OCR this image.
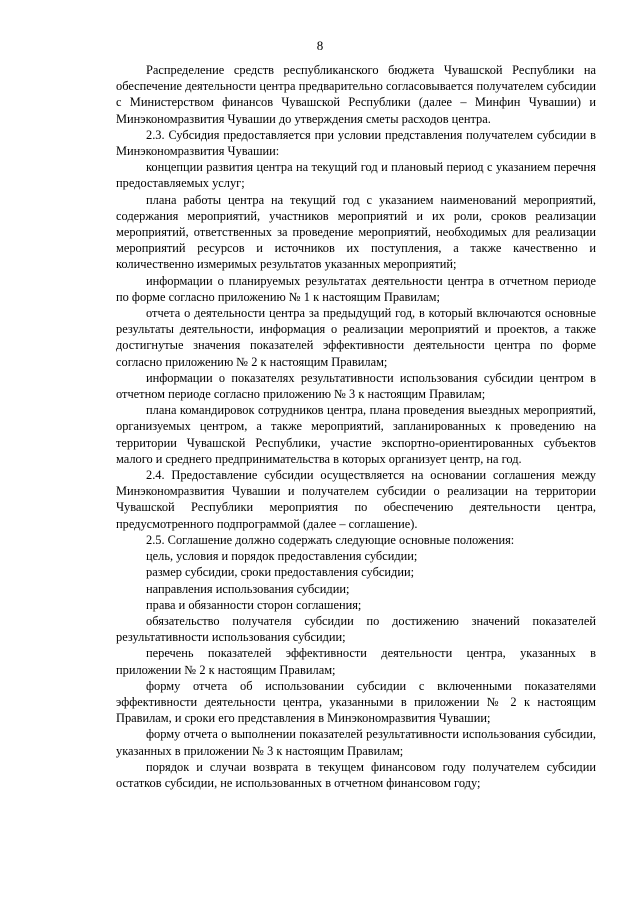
8

Распределение средств республиканского бюджета Чувашской Республики на обеспечение деятельности центра предварительно согласовывается получателем субсидии с Министерством финансов Чувашской Республики (далее – Минфин Чувашии) и Минэкономразвития Чувашии до утверждения сметы расходов центра.

2.3. Субсидия предоставляется при условии представления получателем субсидии в Минэкономразвития Чувашии:

концепции развития центра на текущий год и плановый период с указанием перечня предоставляемых услуг;

плана работы центра на текущий год с указанием наименований мероприятий, содержания мероприятий, участников мероприятий и их роли, сроков реализации мероприятий, ответственных за проведение мероприятий, необходимых для реализации мероприятий ресурсов и источников их поступления, а также качественно и количественно измеримых результатов указанных мероприятий;

информации о планируемых результатах деятельности центра в отчетном периоде по форме согласно приложению № 1 к настоящим Правилам;

отчета о деятельности центра за предыдущий год, в который включаются основные результаты деятельности, информация о реализации мероприятий и проектов, а также достигнутые значения показателей эффективности деятельности центра по форме согласно приложению № 2 к настоящим Правилам;

информации о показателях результативности использования субсидии центром в отчетном периоде согласно приложению № 3 к настоящим Правилам;

плана командировок сотрудников центра, плана проведения выездных мероприятий, организуемых центром, а также мероприятий, запланированных к проведению на территории Чувашской Республики, участие экспортно-ориентированных субъектов малого и среднего предпринимательства в которых организует центр, на год.

2.4. Предоставление субсидии осуществляется на основании соглашения между Минэкономразвития Чувашии и получателем субсидии о реализации на территории Чувашской Республики мероприятия по обеспечению деятельности центра, предусмотренного подпрограммой (далее – соглашение).

2.5. Соглашение должно содержать следующие основные положения:

цель, условия и порядок предоставления субсидии;

размер субсидии, сроки предоставления субсидии;

направления использования субсидии;

права и обязанности сторон соглашения;

обязательство получателя субсидии по достижению значений показателей результативности использования субсидии;

перечень показателей эффективности деятельности центра, указанных в приложении № 2 к настоящим Правилам;

форму отчета об использовании субсидии с включенными показателями эффективности деятельности центра, указанными в приложении № 2 к настоящим Правилам, и сроки его представления в Минэкономразвития Чувашии;

форму отчета о выполнении показателей результативности использования субсидии, указанных в приложении № 3 к настоящим Правилам;

порядок и случаи возврата в текущем финансовом году получателем субсидии остатков субсидии, не использованных в отчетном финансовом году;
